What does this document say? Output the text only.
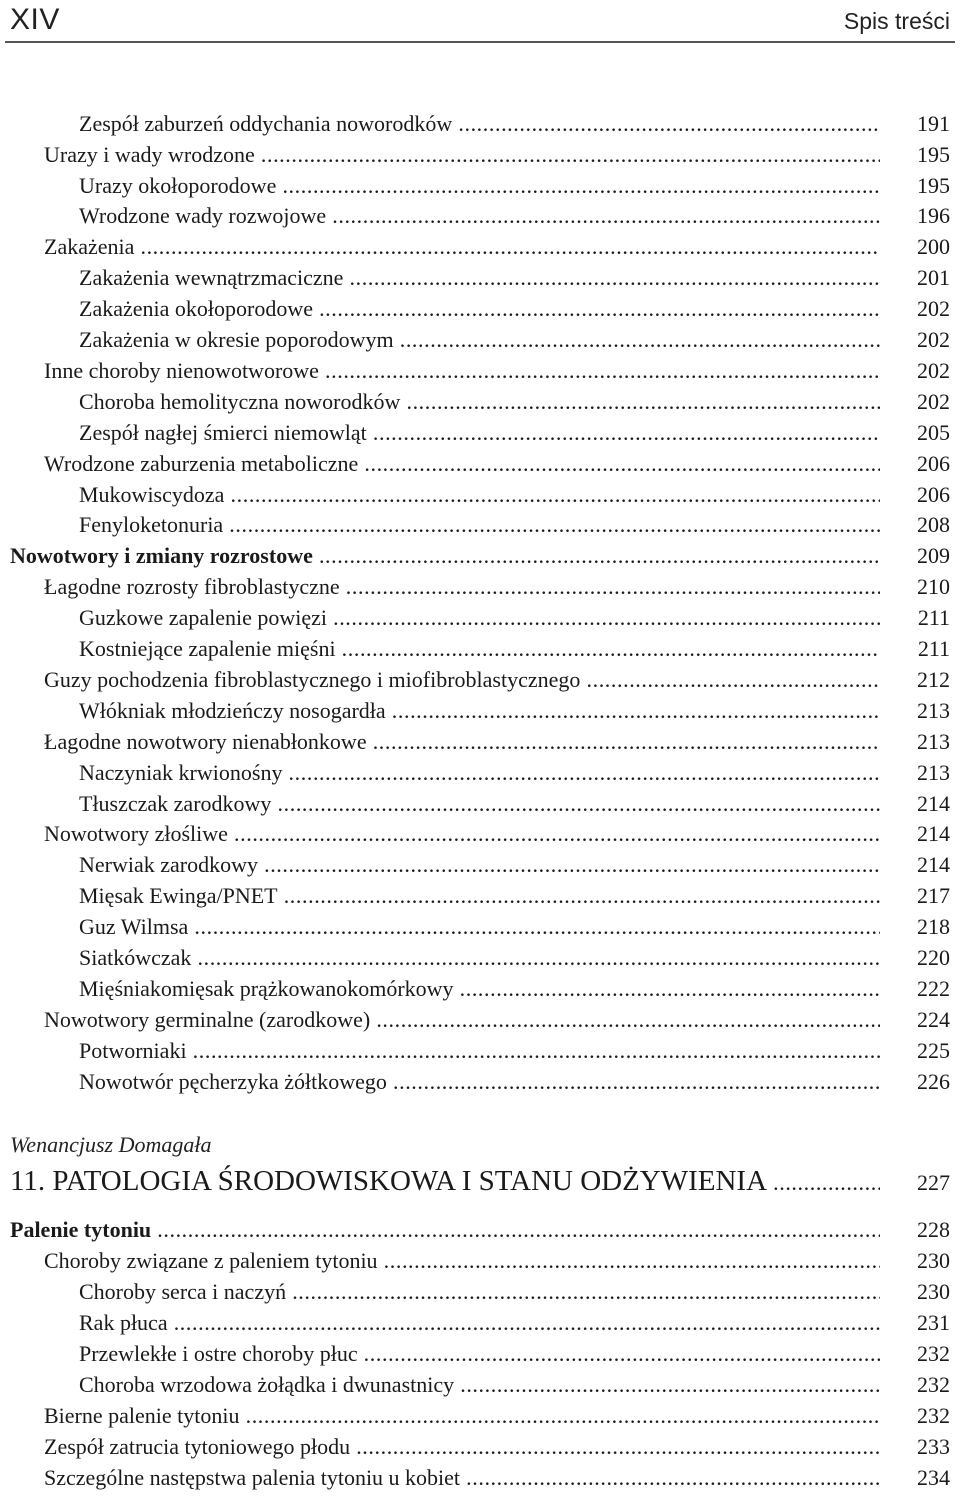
XIV	Spis treści
Zespół zaburzeń oddychania noworodków .....	191
Urazy i wady wrodzone .....	195
Urazy okołoporodowe .....	195
Wrodzone wady rozwojowe .....	196
Zakażenia .....	200
Zakażenia wewnątrzmaciczne .....	201
Zakażenia okołoporodowe .....	202
Zakażenia w okresie poporodowym .....	202
Inne choroby nienowotworowe .....	202
Choroba hemolityczna noworodków .....	202
Zespół nagłej śmierci niemowląt .....	205
Wrodzone zaburzenia metaboliczne .....	206
Mukowiscydoza .....	206
Fenyloketonuria .....	208
Nowotwory i zmiany rozrostowe .....	209
Łagodne rozrosty fibroblastyczne .....	210
Guzkowe zapalenie powięzi .....	211
Kostniejące zapalenie mięśni .....	211
Guzy pochodzenia fibroblastycznego i miofibroblastycznego .....	212
Włókniak młodzieńczy nosogardła .....	213
Łagodne nowotwory nienabłonkowe .....	213
Naczyniak krwionośny .....	213
Tłuszczak zarodkowy .....	214
Nowotwory złośliwe .....	214
Nerwiak zarodkowy .....	214
Mięsak Ewinga/PNET .....	217
Guz Wilmsa .....	218
Siatkówczak .....	220
Mięśniakomięsak prążkowanokomórkowy .....	222
Nowotwory germinalne (zarodkowe) .....	224
Potworniaki .....	225
Nowotwór pęcherzyka żółtkowego .....	226
Wenancjusz Domagała
11. PATOLOGIA ŚRODOWISKOWA I STANU ODŻYWIENIA .....	227
Palenie tytoniu .....	228
Choroby związane z paleniem tytoniu .....	230
Choroby serca i naczyń .....	230
Rak płuca .....	231
Przewlekłe i ostre choroby płuc .....	232
Choroba wrzodowa żołądka i dwunastnicy .....	232
Bierne palenie tytoniu .....	232
Zespół zatrucia tytoniowego płodu .....	233
Szczególne następstwa palenia tytoniu u kobiet .....	234
